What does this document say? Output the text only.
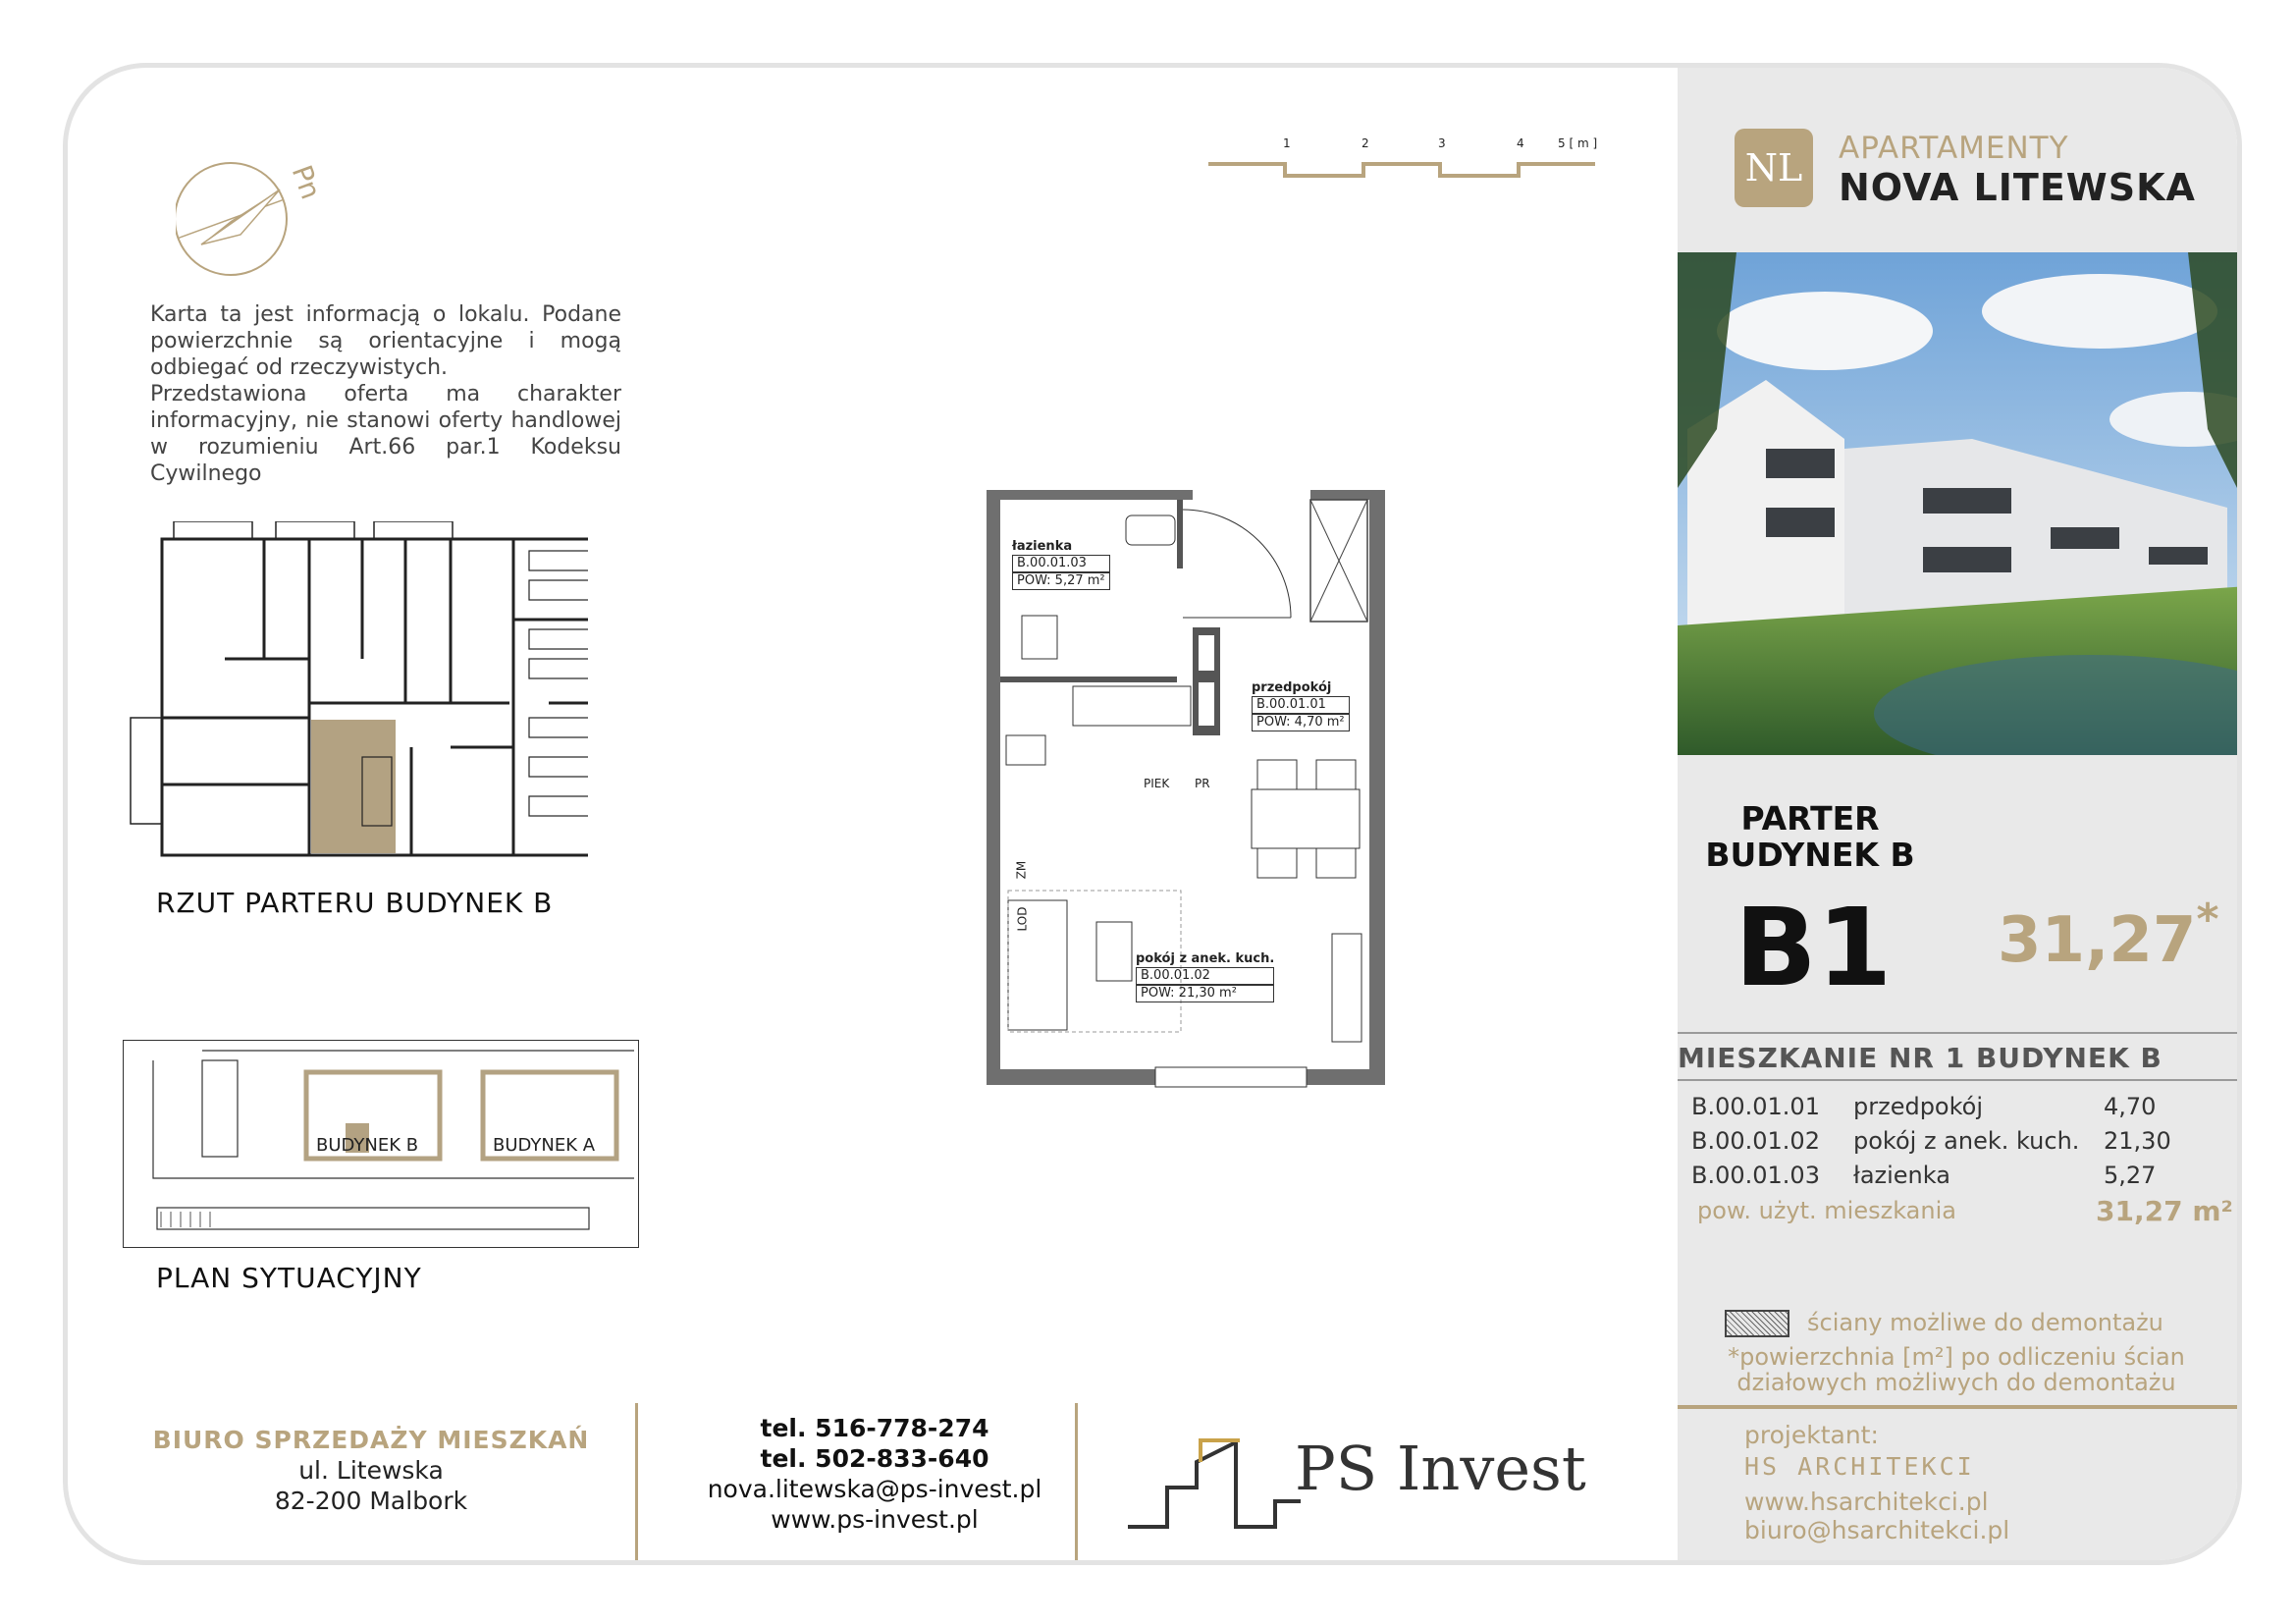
Pn

Karta ta jest informacją o lokalu. Podane powierzchnie są orientacyjne i mogą odbiegać od rzeczywistych.

Przedstawiona oferta ma charakter informacyjny, nie stanowi oferty handlowej w rozumieniu Art.66 par.1 Kodeksu Cywilnego

1	2	3	4	5 [ m ]
RZUT PARTERU BUDYNEK B
BUDYNEK B	BUDYNEK A
PLAN SYTUACYJNY
łazienka
B.00.01.03
POW: 5,27 m²
przedpokój
B.00.01.01
POW: 4,70 m²
pokój z anek. kuch.
B.00.01.02
POW: 21,30 m²
PIEK PR
LOD
ZM
BIURO SPRZEDAŻY MIESZKAŃ
ul. Litewska
82-200 Malbork
tel. 516-778-274
tel. 502-833-640
nova.litewska@ps-invest.pl
www.ps-invest.pl
PS Invest
NL	APARTAMENTY
NOVA LITEWSKA
PARTER
BUDYNEK B
B1 31,27*
MIESZKANIE NR 1 BUDYNEK B
B.00.01.01	przedpokój	4,70
B.00.01.02	pokój z anek. kuch.	21,30
B.00.01.03	łazienka	5,27
pow. użyt. mieszkania	31,27 m²
ściany możliwe do demontażu
*powierzchnia [m²] po odliczeniu ścian działowych możliwych do demontażu
projektant:
HS ARCHITEKCI
www.hsarchitekci.pl
biuro@hsarchitekci.pl
